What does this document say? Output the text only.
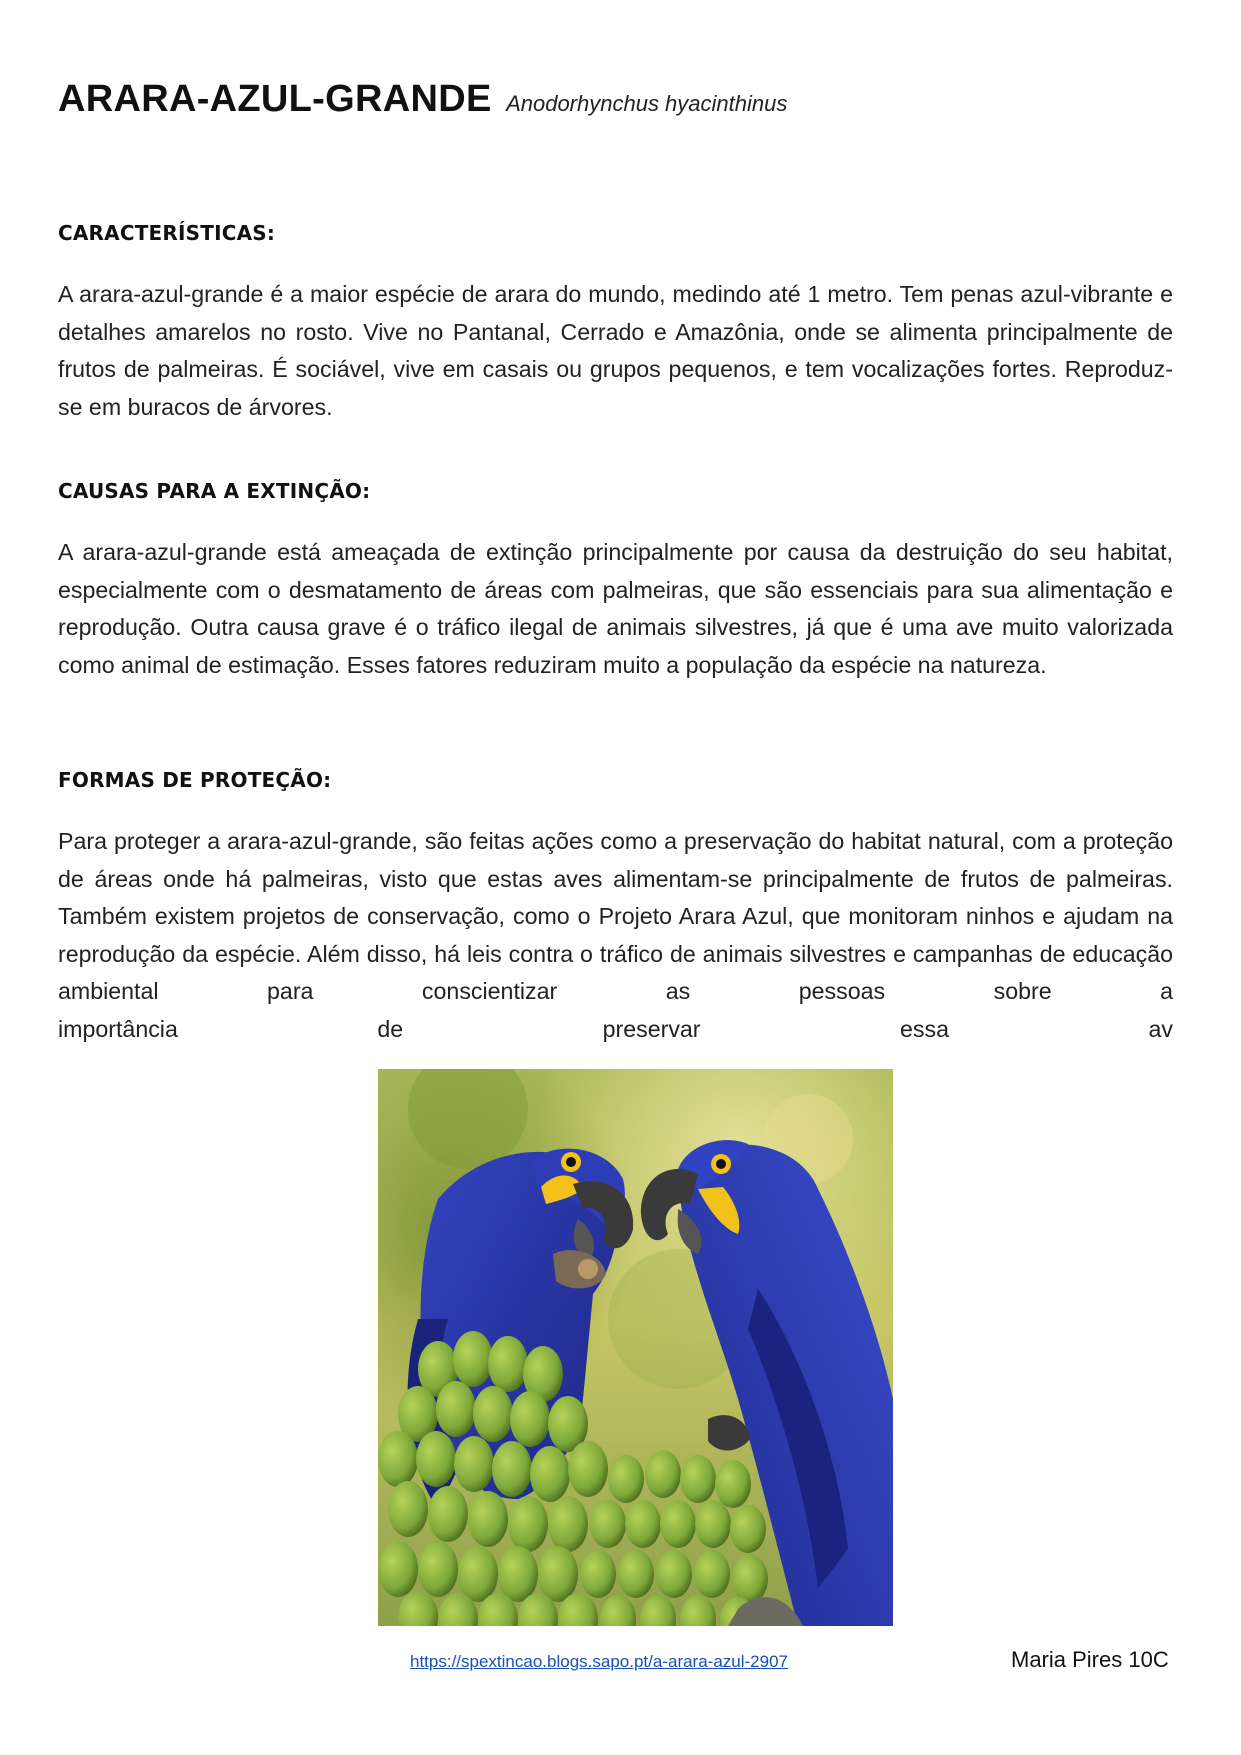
ARARA-AZUL-GRANDE Anodorhynchus hyacinthinus
CARACTERÍSTICAS:
A arara-azul-grande é a maior espécie de arara do mundo, medindo até 1 metro. Tem penas azul-vibrante e detalhes amarelos no rosto. Vive no Pantanal, Cerrado e Amazônia, onde se alimenta principalmente de frutos de palmeiras. É sociável, vive em casais ou grupos pequenos, e tem vocalizações fortes. Reproduz-se em buracos de árvores.
CAUSAS PARA A EXTINÇÃO:
A arara-azul-grande está ameaçada de extinção principalmente por causa da destruição do seu habitat, especialmente com o desmatamento de áreas com palmeiras, que são essenciais para sua alimentação e reprodução. Outra causa grave é o tráfico ilegal de animais silvestres, já que é uma ave muito valorizada como animal de estimação. Esses fatores reduziram muito a população da espécie na natureza.
FORMAS DE PROTEÇÃO:
Para proteger a arara-azul-grande, são feitas ações como a preservação do habitat natural, com a proteção de áreas onde há palmeiras, visto que estas aves alimentam-se principalmente de frutos de palmeiras. Também existem projetos de conservação, como o Projeto Arara Azul, que monitoram ninhos e ajudam na reprodução da espécie. Além disso, há leis contra o tráfico de animais silvestres e campanhas de educação ambiental para conscientizar as pessoas sobre a
importância	de	preservar	essa	av
https://spextincao.blogs.sapo.pt/a-arara-azul-2907	Maria Pires 10C
